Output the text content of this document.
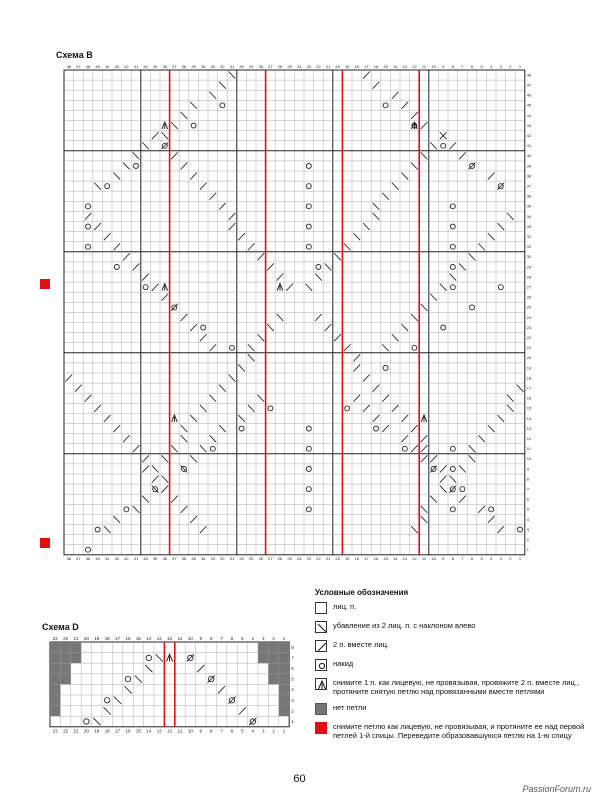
Схема В
48
48
47
47
46
46
45
45
44
44
43
43
42
42
41
41
40
40
39
39
38
38
37
37
36
36
35
35
34
34
33
33
32
32
31
31
30
30
29
29
28
28
27
27
26
26
25
25
24
24
23
23
22
22
21
21
20
20
19
19
18
18
17
17
16
16
15
15
14
14
13
13
12
12
11
11
10
10
9
9
8
8
7
7
6
6
5
5
4
4
3
3
2
2
1
1
48
47
46
45
44
43
42
41
40
39
38
37
36
35
34
33
32
31
30
29
28
27
26
25
24
23
22
21
20
19
18
17
16
15
14
13
12
11
10
9
8
7
6
5
4
3
2
1
Схема D
23
23
22
22
21
21
20
20
19
19
18
18
17
17
16
16
15
15
14
14
13
13
12
12
11
11
10
10
9
9
8
8
7
7
6
6
5
5
4
4
3
3
2
2
1
1
8
7
6
5
4
3
2
1
Условные обозначения
лиц. п.
убавление из 2 лиц. п. с наклоном влево
2 п. вместе лиц.
накид
снимите 1 п. как лицевую, не провязывая, провяжите 2 п. вместе лиц., протяните снятую петлю над провязанными вместе петлями
нет петли
снимите петлю как лицевую, не провязывая, и протяните ее над первой петлей 1-й спицы. Переведите образовавшуюся петлю на 1-ю спицу
60
PassionForum.ru
